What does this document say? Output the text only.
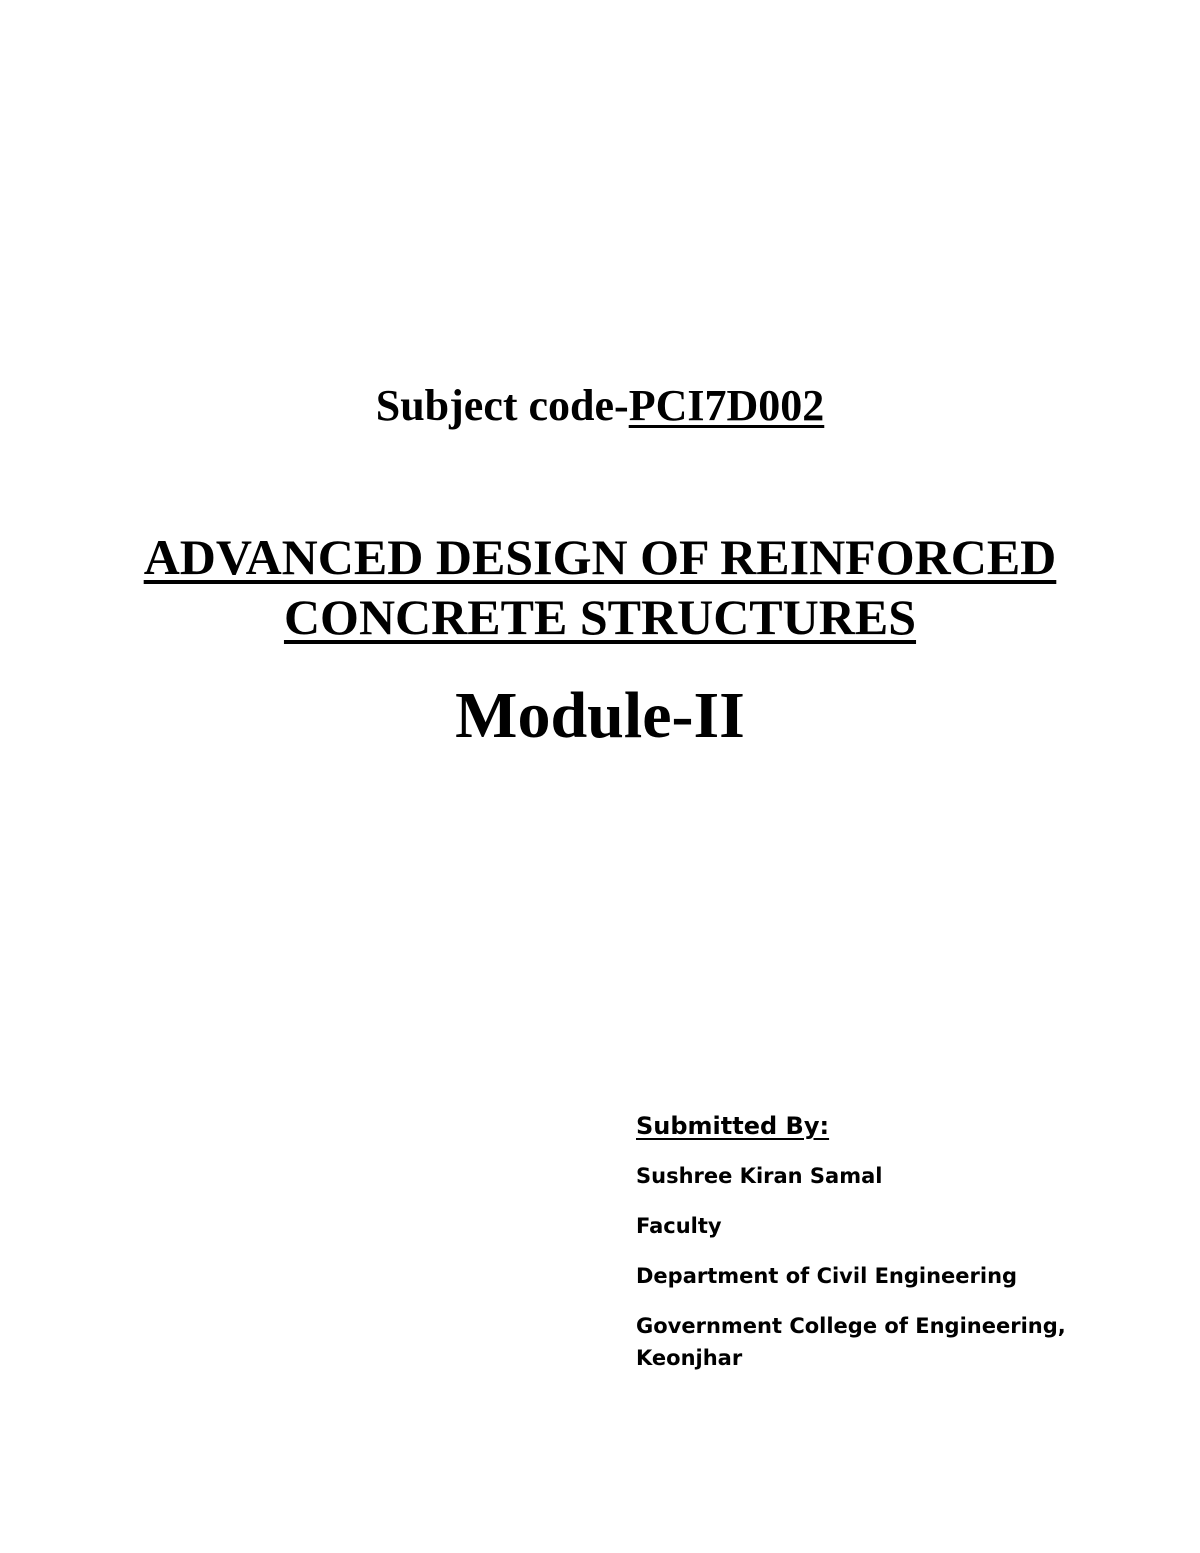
Subject code-PCI7D002
ADVANCED DESIGN OF REINFORCED
CONCRETE STRUCTURES
Module-II
Submitted By:
Sushree Kiran Samal
Faculty
Department of Civil Engineering
Government College of Engineering,
Keonjhar
